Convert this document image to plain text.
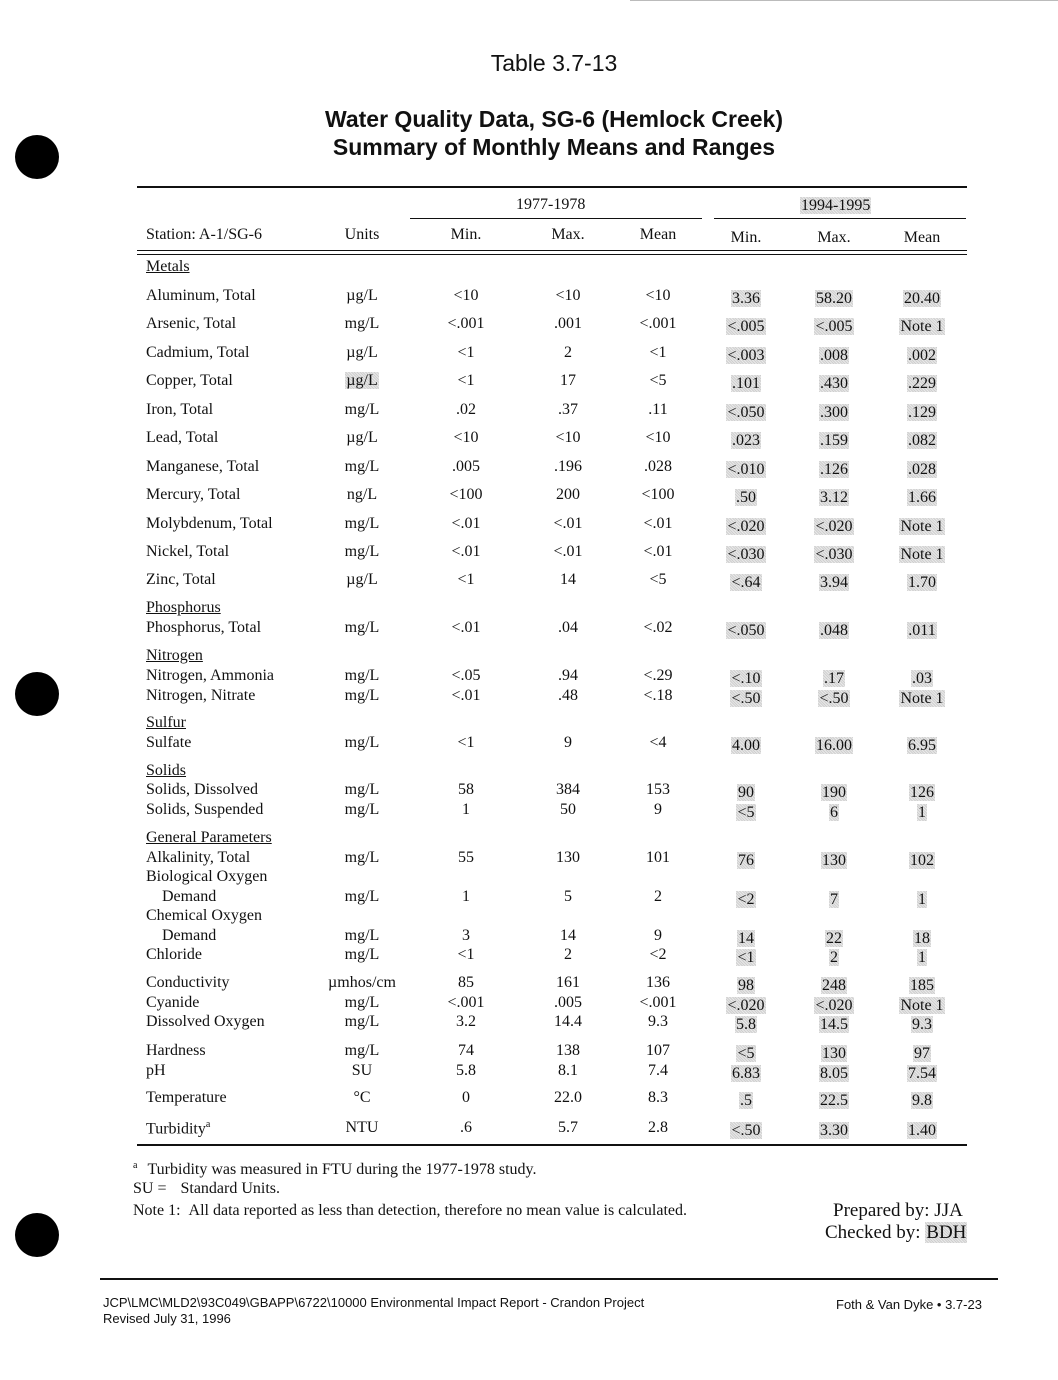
Table 3.7-13
Water Quality Data, SG-6 (Hemlock Creek)
Summary of Monthly Means and Ranges
1977-1978	1994-1995
Station: A-1/SG-6	Units	Min.	Max.	Mean	Min.	Max.	Mean
Metals
Aluminum, Total	µg/L	<10	<10	<10	3.36	58.20	20.40
Arsenic, Total	mg/L	<.001	.001	<.001	<.005	<.005	Note 1
Cadmium, Total	µg/L	<1	2	<1	<.003	.008	.002
Copper, Total	µg/L	<1	17	<5	.101	.430	.229
Iron, Total	mg/L	.02	.37	.11	<.050	.300	.129
Lead, Total	µg/L	<10	<10	<10	.023	.159	.082
Manganese, Total	mg/L	.005	.196	.028	<.010	.126	.028
Mercury, Total	ng/L	<100	200	<100	.50	3.12	1.66
Molybdenum, Total	mg/L	<.01	<.01	<.01	<.020	<.020	Note 1
Nickel, Total	mg/L	<.01	<.01	<.01	<.030	<.030	Note 1
Zinc, Total	µg/L	<1	14	<5	<.64	3.94	1.70
Phosphorus
Phosphorus, Total	mg/L	<.01	.04	<.02	<.050	.048	.011
Nitrogen
Nitrogen, Ammonia	mg/L	<.05	.94	<.29	<.10	.17	.03
Nitrogen, Nitrate	mg/L	<.01	.48	<.18	<.50	<.50	Note 1
Sulfur
Sulfate	mg/L	<1	9	<4	4.00	16.00	6.95
Solids
Solids, Dissolved	mg/L	58	384	153	90	190	126
Solids, Suspended	mg/L	1	50	9	<5	6	1
General Parameters
Alkalinity, Total	mg/L	55	130	101	76	130	102
Biological Oxygen
Demand	mg/L	1	5	2	<2	7	1
Chemical Oxygen
Demand	mg/L	3	14	9	14	22	18
Chloride	mg/L	<1	2	<2	<1	2	1
Conductivity	µmhos/cm	85	161	136	98	248	185
Cyanide	mg/L	<.001	.005	<.001	<.020	<.020	Note 1
Dissolved Oxygen	mg/L	3.2	14.4	9.3	5.8	14.5	9.3
Hardness	mg/L	74	138	107	<5	130	97
pH	SU	5.8	8.1	7.4	6.83	8.05	7.54
Temperature	°C	0	22.0	8.3	.5	22.5	9.8
Turbidity$^a$	NTU	.6	5.7	2.8	<.50	3.30	1.40
$^a$ Turbidity was measured in FTU during the 1977-1978 study.
SU = Standard Units.
Note 1: All data reported as less than detection, therefore no mean value is calculated.	Prepared by: JJA
Checked by: BDH
JCP\LMC\MLD2\93C049\GBAPP\6722\10000 Environmental Impact Report - Crandon Project
Revised July 31, 1996
Foth & Van Dyke • 3.7-23
